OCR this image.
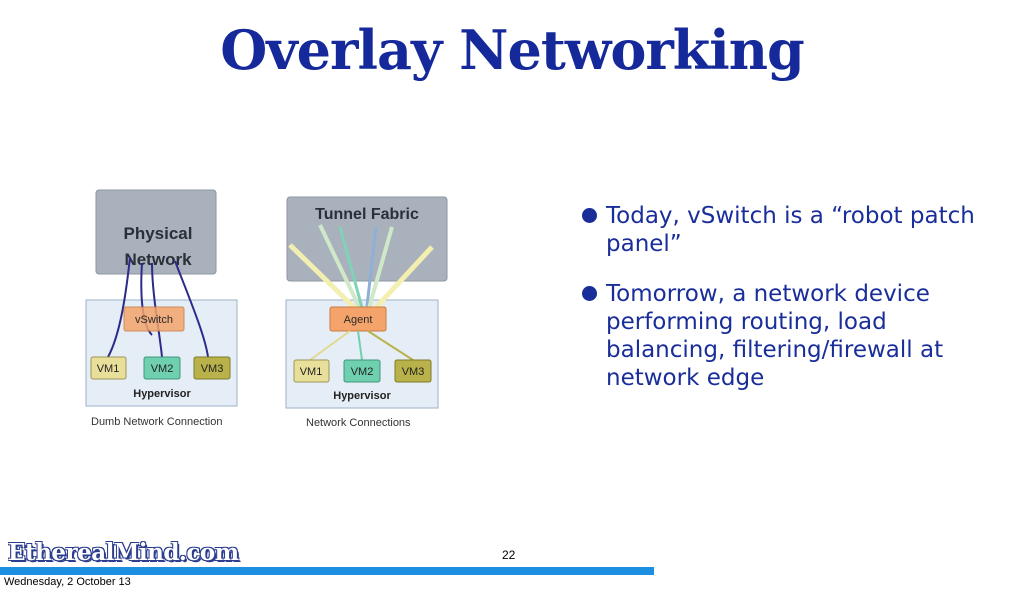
Overlay Networking
Physical
Network
vSwitch
VM1	VM2 VM3
Hypervisor
Dumb Network Connection
Tunnel Fabric
Agent
VM1	VM2	VM3
Hypervisor
Network Connections
Today, vSwitch is a “robot patch panel”
Tomorrow, a network device performing routing, load balancing, filtering/firewall at network edge
EtherealMind.com	22
Wednesday, 2 October 13
